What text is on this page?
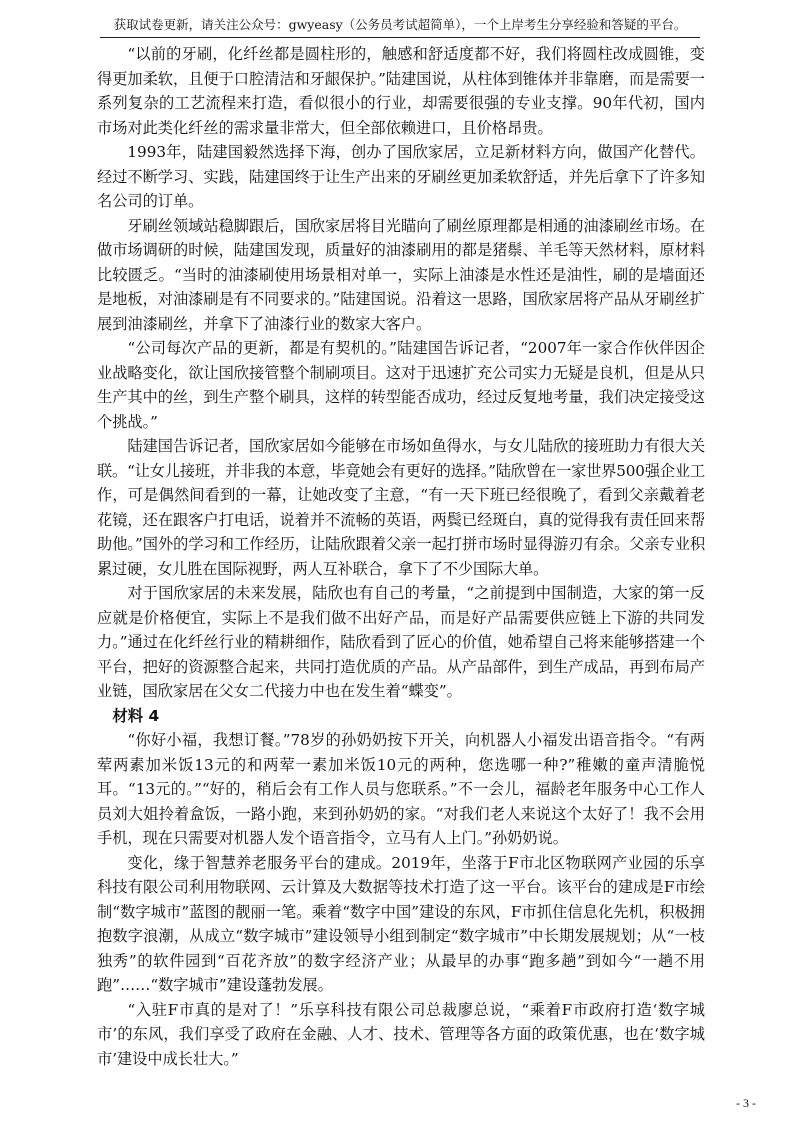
获取试卷更新，请关注公众号：gwyeasy（公务员考试超简单），一个上岸考生分享经验和答疑的平台。

“以前的牙刷，化纤丝都是圆柱形的，触感和舒适度都不好，我们将圆柱改成圆锥，变得更加柔软，且便于口腔清洁和牙龈保护。”陆建国说，从柱体到锥体并非靠磨，而是需要一系列复杂的工艺流程来打造，看似很小的行业，却需要很强的专业支撑。90年代初，国内市场对此类化纤丝的需求量非常大，但全部依赖进口，且价格昂贵。

1993年，陆建国毅然选择下海，创办了国欣家居，立足新材料方向，做国产化替代。经过不断学习、实践，陆建国终于让生产出来的牙刷丝更加柔软舒适，并先后拿下了许多知名公司的订单。

牙刷丝领域站稳脚跟后，国欣家居将目光瞄向了刷丝原理都是相通的油漆刷丝市场。在做市场调研的时候，陆建国发现，质量好的油漆刷用的都是猪鬃、羊毛等天然材料，原材料比较匮乏。“当时的油漆刷使用场景相对单一，实际上油漆是水性还是油性，刷的是墙面还是地板，对油漆刷是有不同要求的。”陆建国说。沿着这一思路，国欣家居将产品从牙刷丝扩展到油漆刷丝，并拿下了油漆行业的数家大客户。

“公司每次产品的更新，都是有契机的。”陆建国告诉记者，“2007年一家合作伙伴因企业战略变化，欲让国欣接管整个制刷项目。这对于迅速扩充公司实力无疑是良机，但是从只生产其中的丝，到生产整个刷具，这样的转型能否成功，经过反复地考量，我们决定接受这个挑战。”

陆建国告诉记者，国欣家居如今能够在市场如鱼得水，与女儿陆欣的接班助力有很大关联。“让女儿接班，并非我的本意，毕竟她会有更好的选择。”陆欣曾在一家世界500强企业工作，可是偶然间看到的一幕，让她改变了主意，“有一天下班已经很晚了，看到父亲戴着老花镜，还在跟客户打电话，说着并不流畅的英语，两鬓已经斑白，真的觉得我有责任回来帮助他。”国外的学习和工作经历，让陆欣跟着父亲一起打拼市场时显得游刃有余。父亲专业积累过硬，女儿胜在国际视野，两人互补联合，拿下了不少国际大单。

对于国欣家居的未来发展，陆欣也有自己的考量，“之前提到中国制造，大家的第一反应就是价格便宜，实际上不是我们做不出好产品，而是好产品需要供应链上下游的共同发力。”通过在化纤丝行业的精耕细作，陆欣看到了匠心的价值，她希望自己将来能够搭建一个平台，把好的资源整合起来，共同打造优质的产品。从产品部件，到生产成品，再到布局产业链，国欣家居在父女二代接力中也在发生着“蝶变”。

材料 4

“你好小福，我想订餐。”78岁的孙奶奶按下开关，向机器人小福发出语音指令。“有两荤两素加米饭13元的和两荤一素加米饭10元的两种，您选哪一种?”稚嫩的童声清脆悦耳。“13元的。”“好的，稍后会有工作人员与您联系。”不一会儿，福龄老年服务中心工作人员刘大姐拎着盒饭，一路小跑，来到孙奶奶的家。“对我们老人来说这个太好了！我不会用手机，现在只需要对机器人发个语音指令，立马有人上门。”孙奶奶说。

变化，缘于智慧养老服务平台的建成。2019年，坐落于F市北区物联网产业园的乐享科技有限公司利用物联网、云计算及大数据等技术打造了这一平台。该平台的建成是F市绘制“数字城市”蓝图的靓丽一笔。乘着“数字中国”建设的东风，F市抓住信息化先机，积极拥抱数字浪潮，从成立“数字城市”建设领导小组到制定“数字城市”中长期发展规划；从“一枝独秀”的软件园到“百花齐放”的数字经济产业；从最早的办事“跑多趟”到如今“一趟不用跑”……“数字城市”建设蓬勃发展。

“入驻F市真的是对了！”乐享科技有限公司总裁廖总说，“乘着F市政府打造‘数字城市’的东风，我们享受了政府在金融、人才、技术、管理等各方面的政策优惠，也在‘数字城市’建设中成长壮大。”

- 3 -
